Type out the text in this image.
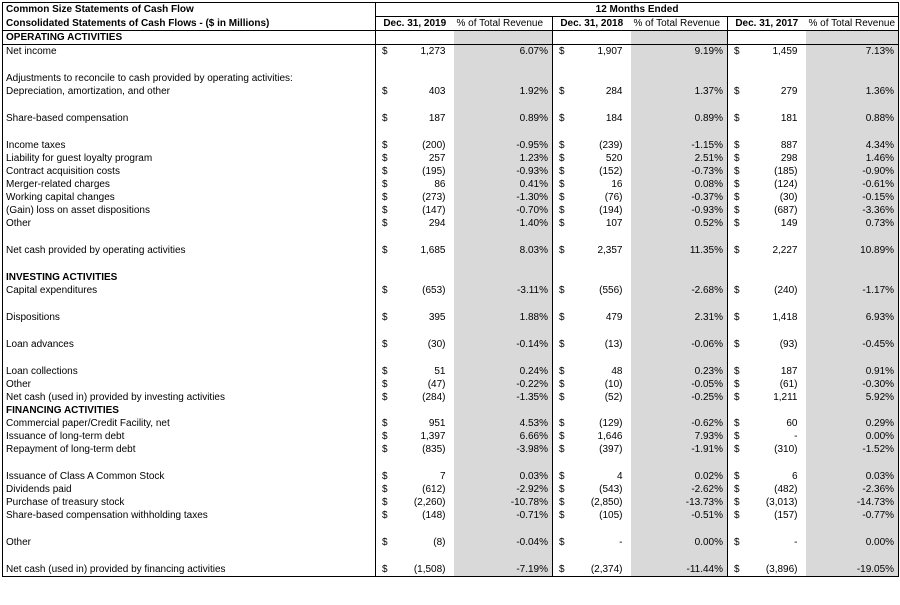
Common Size Statements of Cash Flow	12 Months Ended								
Consolidated Statements of Cash Flows - ($ in Millions)	Dec. 31, 2019		% of Total Revenue	Dec. 31, 2018		% of Total Revenue	Dec. 31, 2017		% of Total Revenue
OPERATING ACTIVITIES									
Net income	$	1,273	6.07%	$	1,907	9.19%	$	1,459	7.13%

Adjustments to reconcile to cash provided by operating activities:									
Depreciation, amortization, and other	$	403	1.92%	$	284	1.37%	$	279	1.36%

Share-based compensation	$	187	0.89%	$	184	0.89%	$	181	0.88%

Income taxes	$	(200)	-0.95%	$	(239)	-1.15%	$	887	4.34%
Liability for guest loyalty program	$	257	1.23%	$	520	2.51%	$	298	1.46%
Contract acquisition costs	$	(195)	-0.93%	$	(152)	-0.73%	$	(185)	-0.90%
Merger-related charges	$	86	0.41%	$	16	0.08%	$	(124)	-0.61%
Working capital changes	$	(273)	-1.30%	$	(76)	-0.37%	$	(30)	-0.15%
(Gain) loss on asset dispositions	$	(147)	-0.70%	$	(194)	-0.93%	$	(687)	-3.36%
Other	$	294	1.40%	$	107	0.52%	$	149	0.73%

Net cash provided by operating activities	$	1,685	8.03%	$	2,357	11.35%	$	2,227	10.89%

INVESTING ACTIVITIES									
Capital expenditures	$	(653)	-3.11%	$	(556)	-2.68%	$	(240)	-1.17%

Dispositions	$	395	1.88%	$	479	2.31%	$	1,418	6.93%

Loan advances	$	(30)	-0.14%	$	(13)	-0.06%	$	(93)	-0.45%

Loan collections	$	51	0.24%	$	48	0.23%	$	187	0.91%
Other	$	(47)	-0.22%	$	(10)	-0.05%	$	(61)	-0.30%
Net cash (used in) provided by investing activities	$	(284)	-1.35%	$	(52)	-0.25%	$	1,211	5.92%
FINANCING ACTIVITIES									
Commercial paper/Credit Facility, net	$	951	4.53%	$	(129)	-0.62%	$	60	0.29%
Issuance of long-term debt	$	1,397	6.66%	$	1,646	7.93%	$	-	0.00%
Repayment of long-term debt	$	(835)	-3.98%	$	(397)	-1.91%	$	(310)	-1.52%

Issuance of Class A Common Stock	$	7	0.03%	$	4	0.02%	$	6	0.03%
Dividends paid	$	(612)	-2.92%	$	(543)	-2.62%	$	(482)	-2.36%
Purchase of treasury stock	$	(2,260)	-10.78%	$	(2,850)	-13.73%	$	(3,013)	-14.73%
Share-based compensation withholding taxes	$	(148)	-0.71%	$	(105)	-0.51%	$	(157)	-0.77%

Other	$	(8)	-0.04%	$	-	0.00%	$	-	0.00%

Net cash (used in) provided by financing activities	$	(1,508)	-7.19%	$	(2,374)	-11.44%	$	(3,896)	-19.05%
